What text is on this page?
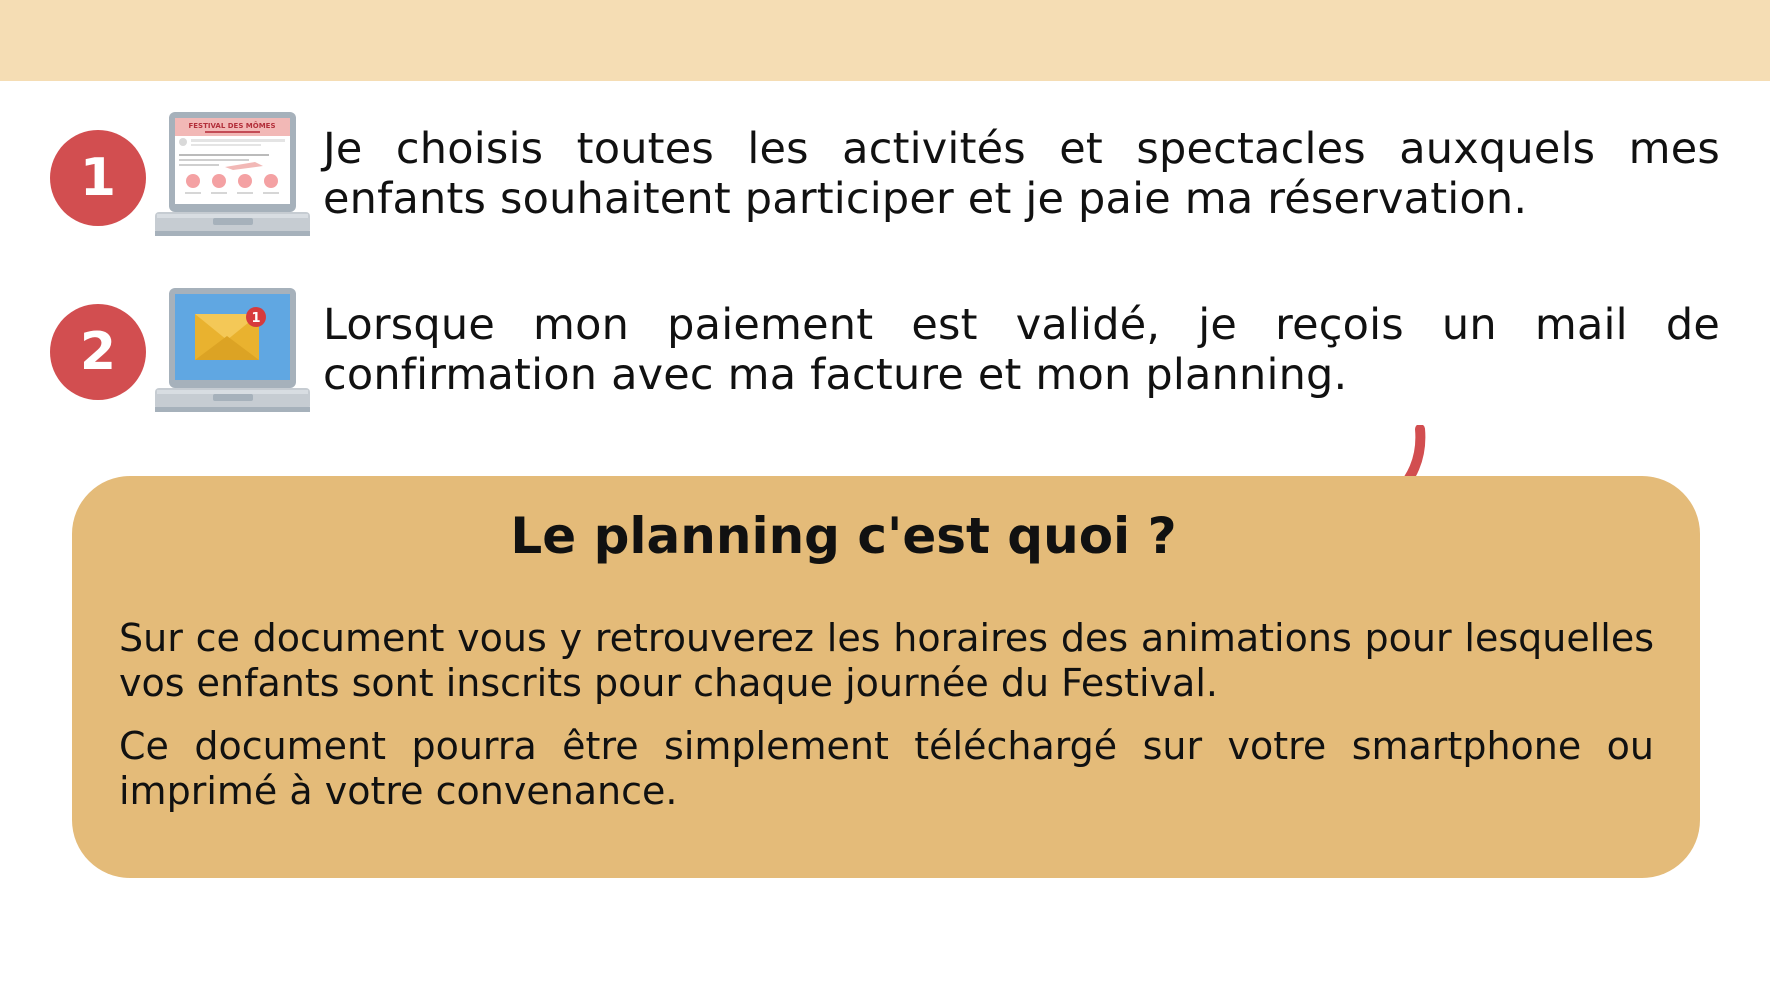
1
FESTIVAL DES MÔMES Je choisis toutes les activités et spectacles auxquels mes enfants souhaitent participer et je paie ma réservation.

2
1 Lorsque mon paiement est validé, je reçois un mail de confirmation avec ma facture et mon planning.

Le planning c'est quoi ?

Sur ce document vous y retrouverez les horaires des animations pour lesquelles vos enfants sont inscrits pour chaque journée du Festival.

Ce document pourra être simplement téléchargé sur votre smartphone ou imprimé à votre convenance.
